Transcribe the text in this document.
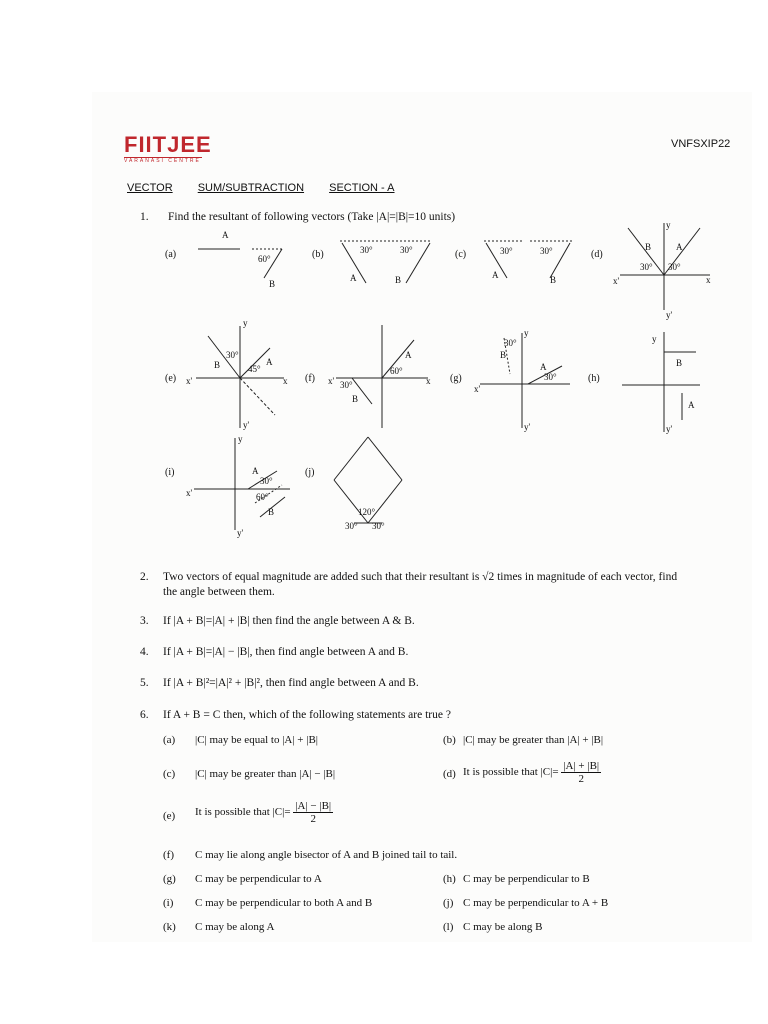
FIITJEE
VARANASI CENTRE
VNFSXIP22
VECTOR SUM/SUBTRACTION SECTION - A
1. Find the resultant of following vectors (Take |A|=|B|=10 units)
(a)	(b)	(c)	(d)
(e)	(f)	(g)	(h)
(i)	(j)
A
60°
B
30°	30°
A	B
30°	30°
A	B
B	A
30° 30°
y
x'	x
y'
B
30°
45°
A
x'	x
y
y'
A
60°
30°
B
x'	x
30°
B
A
30°
x'
y
y'
B
A
y
y'
A
30°
60°
B
x'
y
y'
120°
30° 30°
2. Two vectors of equal magnitude are added such that their resultant is √2 times in magnitude of each vector, find
the angle between them.
3. If |A + B|=|A| + |B| then find the angle between A & B.
4. If |A + B|=|A| − |B|, then find angle between A and B.
5. If |A + B|²=|A|² + |B|², then find angle between A and B.
6. If A + B = C then, which of the following statements are true ?
(a) |C| may be equal to |A| + |B|	(b) |C| may be greater than |A| + |B|
(c) |C| may be greater than |A| − |B|	(d) It is possible that $|C|= \frac{|A| + |B|}{2}$
(e) It is possible that $|C|= \frac{|A| - |B|}{2}$
(f) C may lie along angle bisector of A and B joined tail to tail.
(g) C may be perpendicular to A	(h) C may be perpendicular to B
(i) C may be perpendicular to both A and B	(j) C may be perpendicular to A + B
(k) C may be along A	(l) C may be along B
